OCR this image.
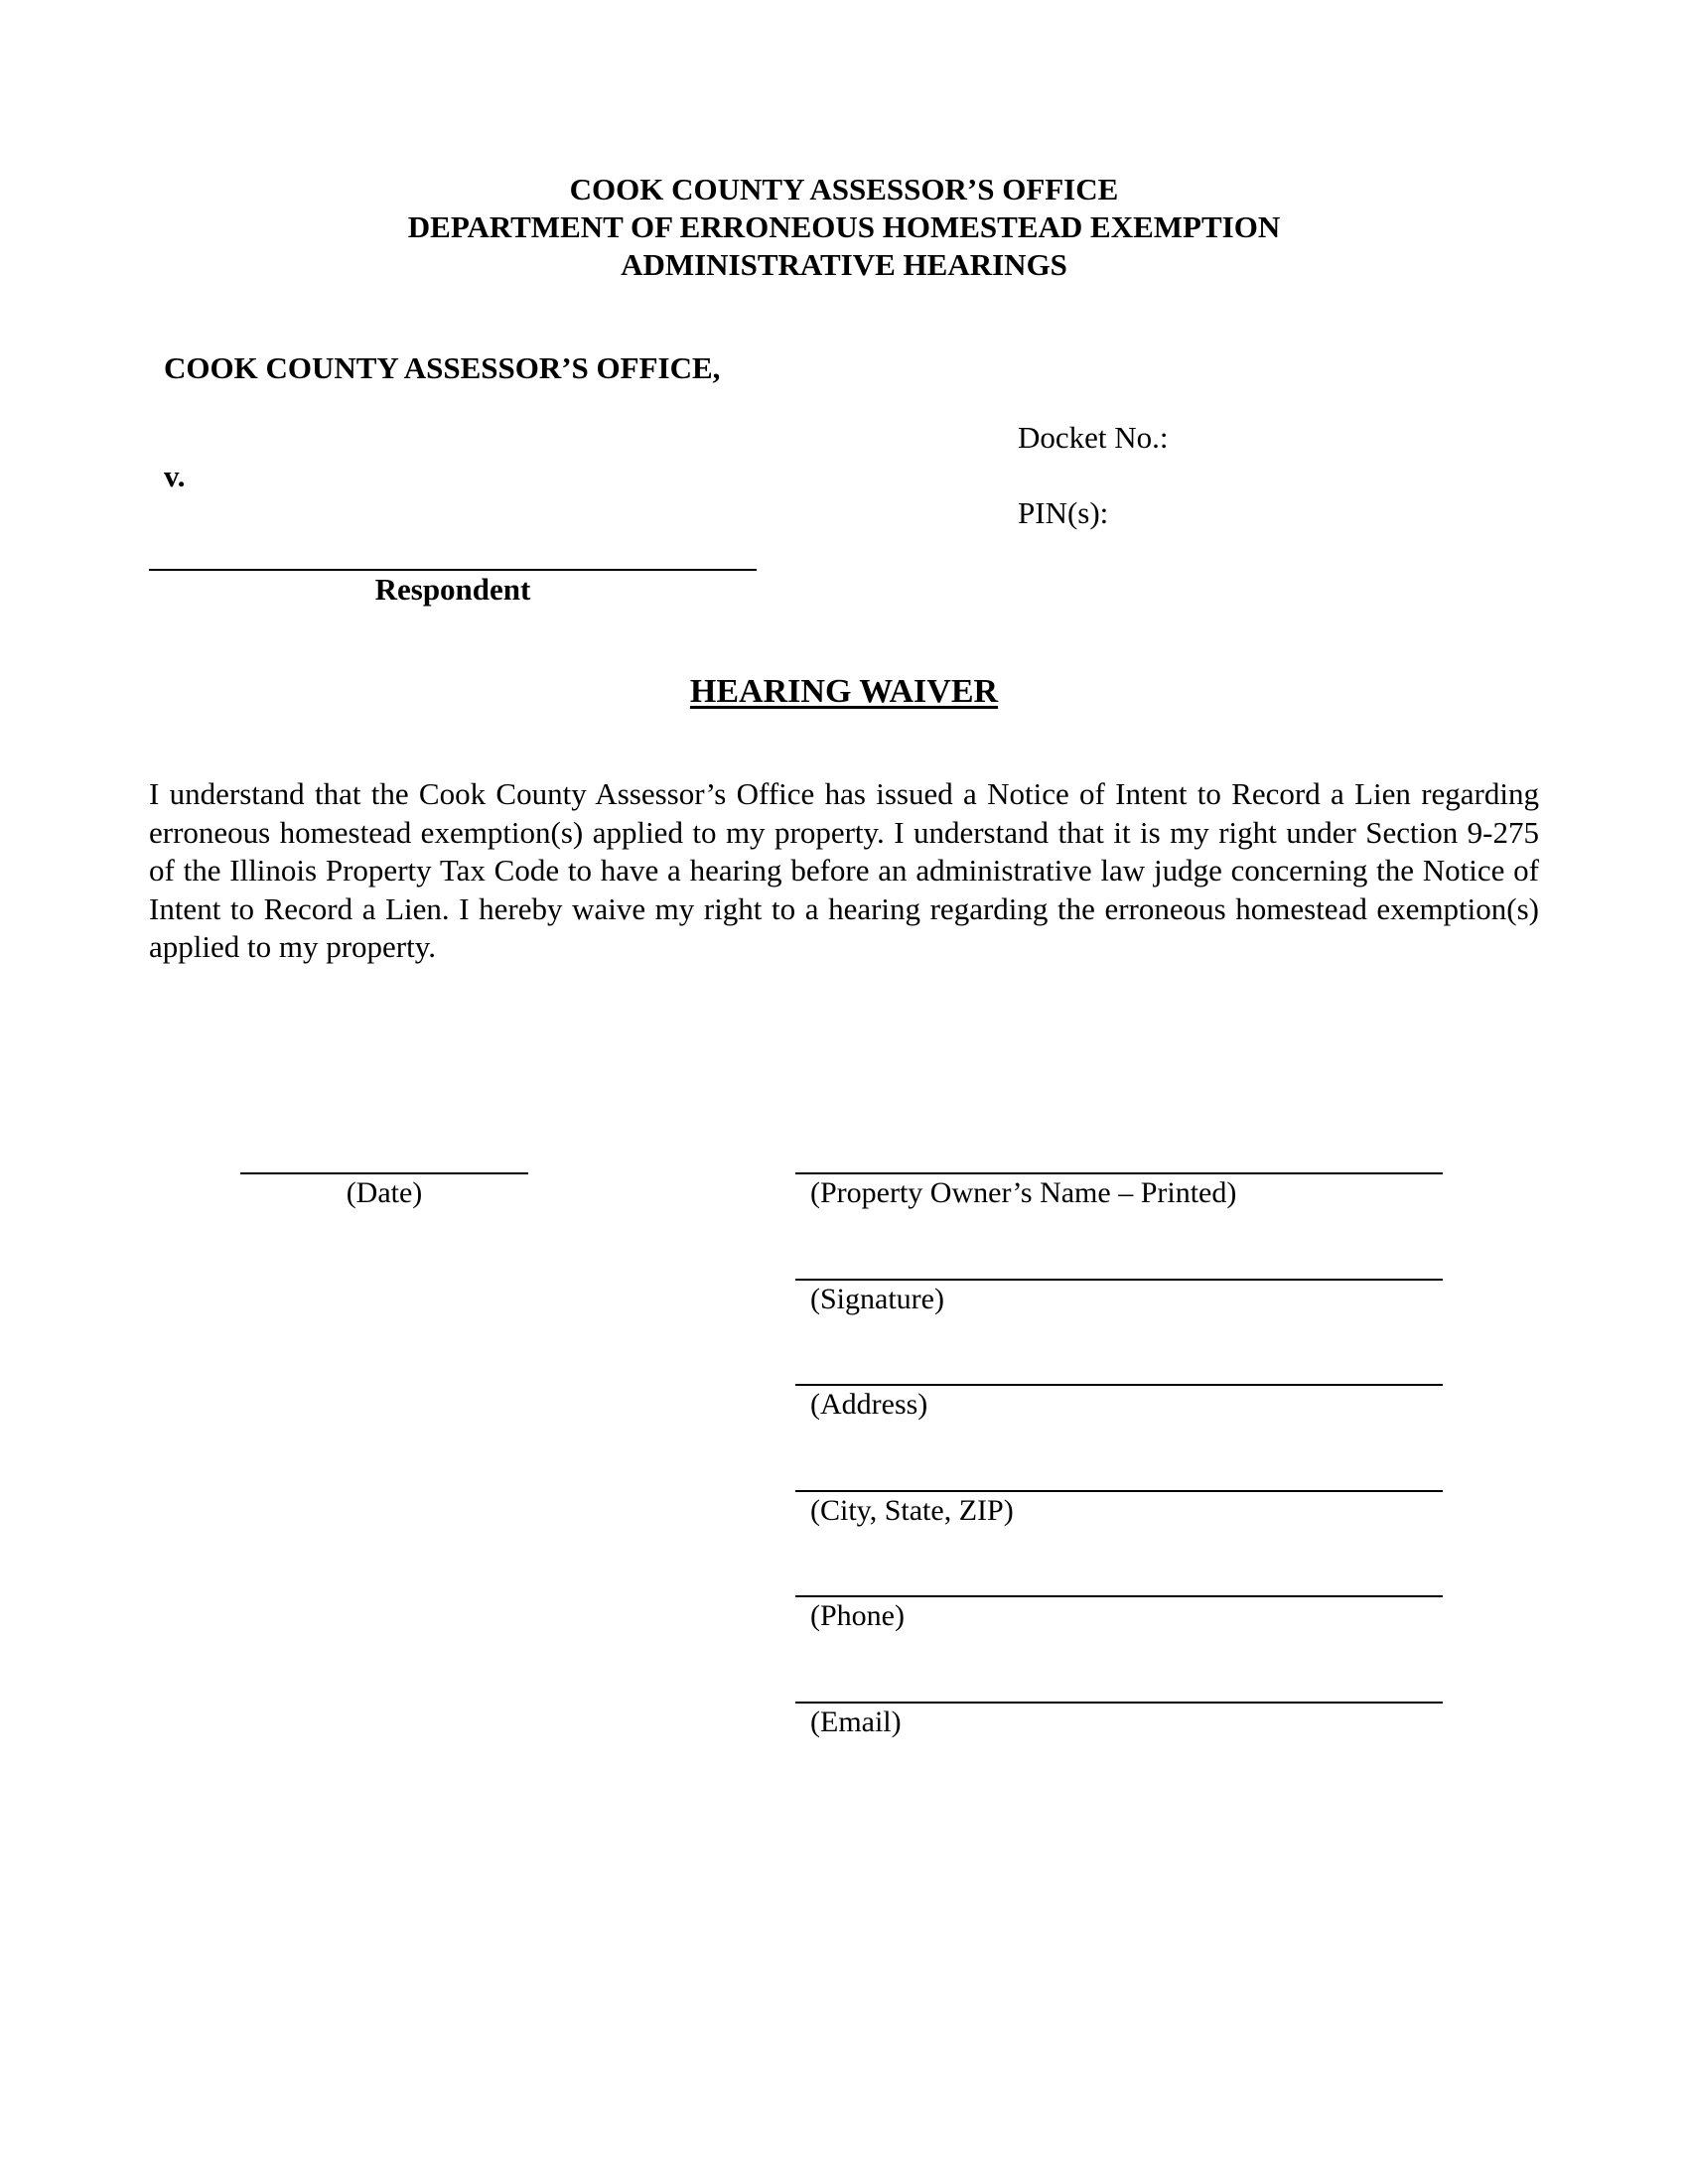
COOK COUNTY ASSESSOR’S OFFICE
DEPARTMENT OF ERRONEOUS HOMESTEAD EXEMPTION
ADMINISTRATIVE HEARINGS
COOK COUNTY ASSESSOR’S OFFICE,
Docket No.:
v.
PIN(s):
Respondent
HEARING WAIVER
I understand that the Cook County Assessor’s Office has issued a Notice of Intent to Record a Lien regarding erroneous homestead exemption(s) applied to my property. I understand that it is my right under Section 9-275 of the Illinois Property Tax Code to have a hearing before an administrative law judge concerning the Notice of Intent to Record a Lien. I hereby waive my right to a hearing regarding the erroneous homestead exemption(s) applied to my property.
(Date)	(Property Owner’s Name – Printed)
(Signature)
(Address)
(City, State, ZIP)
(Phone)
(Email)
